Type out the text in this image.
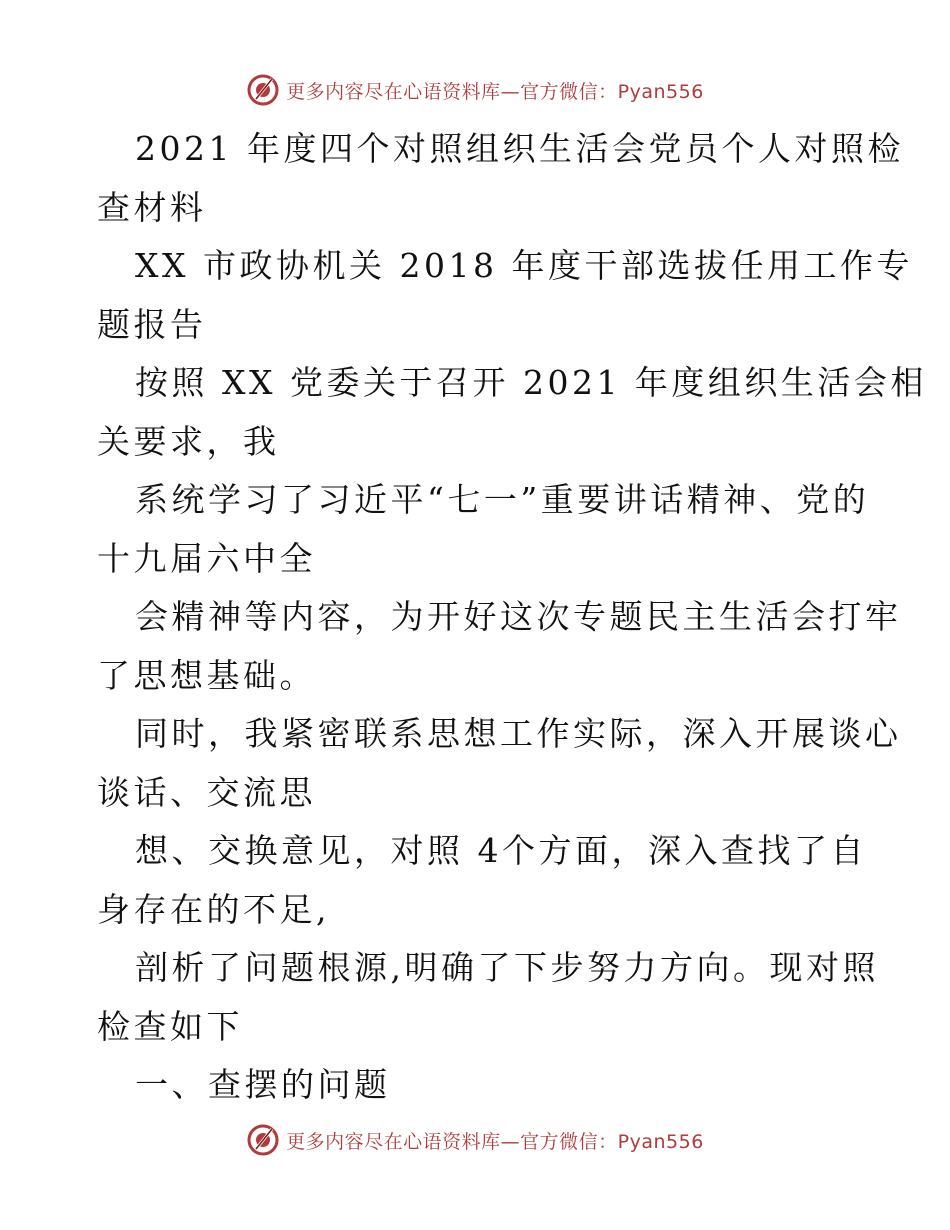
更多内容尽在心语资料库—官方微信：Pyan556
2021 年度四个对照组织生活会党员个人对照检
查材料
XX 市政协机关 2018 年度干部选拔任用工作专
题报告
按照 XX 党委关于召开 2021 年度组织生活会相
关要求，我
系统学习了习近平“七一”重要讲话精神、党的
十九届六中全
会精神等内容，为开好这次专题民主生活会打牢
了思想基础。
同时，我紧密联系思想工作实际，深入开展谈心
谈话、交流思
想、交换意见，对照 4个方面，深入查找了自
身存在的不足,
剖析了问题根源,明确了下步努力方向。现对照
检查如下
一、查摆的问题
更多内容尽在心语资料库—官方微信：Pyan556
